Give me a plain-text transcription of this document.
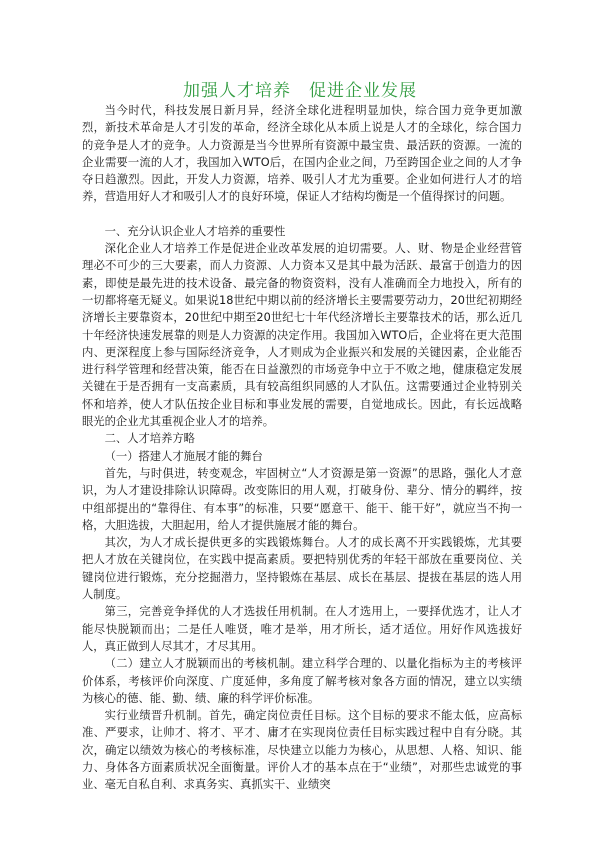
加强人才培养　促进企业发展

当今时代，科技发展日新月异，经济全球化进程明显加快，综合国力竞争更加激烈，新技术革命是人才引发的革命，经济全球化从本质上说是人才的全球化，综合国力的竞争是人才的竞争。人力资源是当今世界所有资源中最宝贵、最活跃的资源。一流的企业需要一流的人才，我国加入WTO后，在国内企业之间，乃至跨国企业之间的人才争夺日趋激烈。因此，开发人力资源，培养、吸引人才尤为重要。企业如何进行人才的培养，营造用好人才和吸引人才的良好环境，保证人才结构均衡是一个值得探讨的问题。

一、充分认识企业人才培养的重要性

深化企业人才培养工作是促进企业改革发展的迫切需要。人、财、物是企业经营管理必不可少的三大要素，而人力资源、人力资本又是其中最为活跃、最富于创造力的因素，即使是最先进的技术设备、最完备的物资资料，没有人准确而全力地投入，所有的一切都将毫无疑义。如果说18世纪中期以前的经济增长主要需要劳动力，20世纪初期经济增长主要靠资本，20世纪中期至20世纪七十年代经济增长主要靠技术的话，那么近几十年经济快速发展靠的则是人力资源的决定作用。我国加入WTO后，企业将在更大范围内、更深程度上参与国际经济竞争，人才则成为企业振兴和发展的关键因素，企业能否进行科学管理和经营决策，能否在日益激烈的市场竞争中立于不败之地，健康稳定发展关键在于是否拥有一支高素质，具有较高组织同感的人才队伍。这需要通过企业特别关怀和培养，使人才队伍按企业目标和事业发展的需要，自觉地成长。因此，有长远战略眼光的企业尤其重视企业人才的培养。

二、人才培养方略

（一）搭建人才施展才能的舞台

首先，与时俱进，转变观念，牢固树立“人才资源是第一资源”的思路，强化人才意识，为人才建设排除认识障碍。改变陈旧的用人观，打破身份、辈分、情分的羁绊，按中组部提出的“靠得住、有本事”的标准，只要“愿意干、能干、能干好”，就应当不拘一格，大胆选拔，大胆起用，给人才提供施展才能的舞台。

其次，为人才成长提供更多的实践锻炼舞台。人才的成长离不开实践锻炼，尤其要把人才放在关键岗位，在实践中提高素质。要把特别优秀的年轻干部放在重要岗位、关键岗位进行锻炼，充分挖掘潜力，坚持锻炼在基层、成长在基层、提拔在基层的选人用人制度。

第三，完善竞争择优的人才选拔任用机制。在人才选用上，一要择优选才，让人才能尽快脱颖而出；二是任人唯贤，唯才是举，用才所长，适才适位。用好作风选拔好人，真正做到人尽其才，才尽其用。

（二）建立人才脱颖而出的考核机制。建立科学合理的、以量化指标为主的考核评价体系，考核评价向深度、广度延伸，多角度了解考核对象各方面的情况，建立以实绩为核心的德、能、勤、绩、廉的科学评价标准。

实行业绩晋升机制。首先，确定岗位责任目标。这个目标的要求不能太低，应高标准、严要求，让帅才、将才、平才、庸才在实现岗位责任目标实践过程中自有分晓。其次，确定以绩效为核心的考核标准，尽快建立以能力为核心，从思想、人格、知识、能力、身体各方面素质状况全面衡量。评价人才的基本点在于“业绩”，对那些忠诚党的事业、毫无自私自利、求真务实、真抓实干、业绩突
